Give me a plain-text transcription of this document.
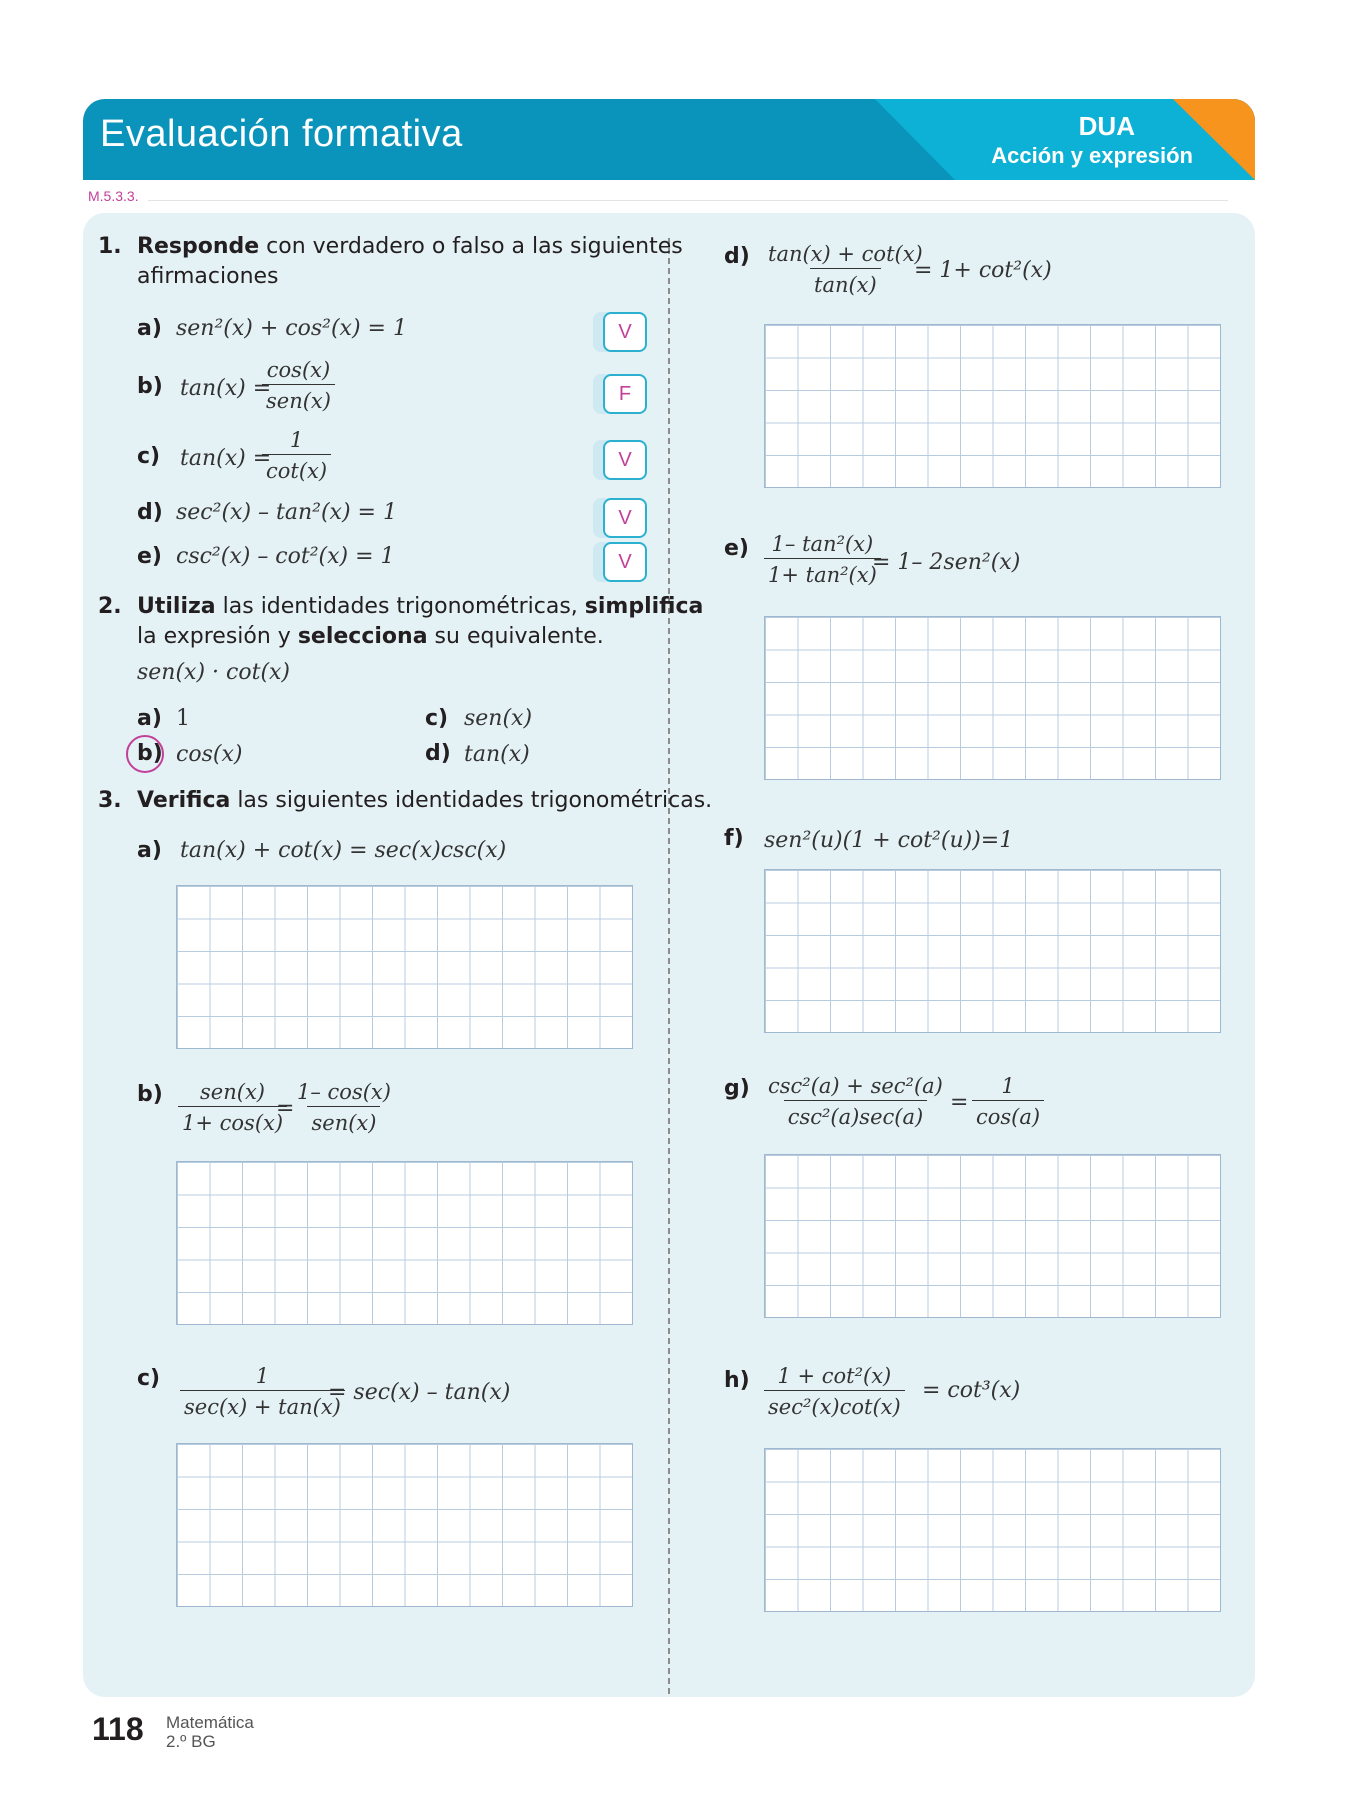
Evaluación formativa	DUA
Acción y expresión
M.5.3.3.
1. Responde con verdadero o falso a las siguientes
afirmaciones
a) sen²(x) + cos²(x) = 1	V
b) tan(x) =
cos(x)
sen(x)	F
c) tan(x) =
$\frac{1}{\cot(x)}$	V
d) sec²(x) – tan²(x) = 1	V
e) csc²(x) – cot²(x) = 1	V
2. Utiliza las identidades trigonométricas, simplifica
la expresión y selecciona su equivalente.
sen(x) · cot(x)
a) 1
b) cos(x)
c) sen(x)
d) tan(x)
3. Verifica las siguientes identidades trigonométricas.
a) tan(x) + cot(x) = sec(x)csc(x)
b) sen(x)
1+ cos(x)
=
1– cos(x)
sen(x)
c)	1
sec(x) + tan(x)
= sec(x) – tan(x)
$d) \frac{\tan(x) + \cot(x)}{\tan(x)}$
= 1+ cot²(x)
$e) \frac{\text{1– tan²(x)}}{\text{1+ tan²(x)}}$
= 1– 2sen²(x)
f) sen²(u)(1 + cot²(u))=1
g) csc²(a) + sec²(a)
csc²(a)sec(a)
= $\frac{1}{\cos(a)}$
h) 1 + cot²(x)
sec²(x)cot(x)
= cot³(x)
118 Matemática
2.º BG
